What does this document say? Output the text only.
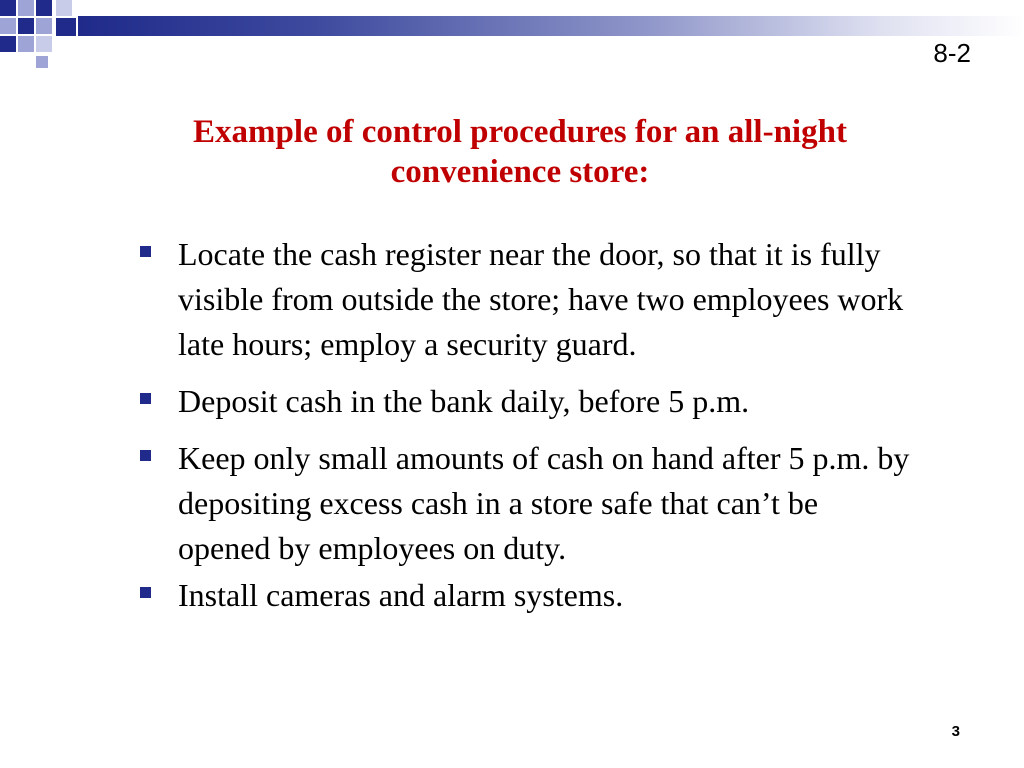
8-2
Example of control procedures for an all-night convenience store:
Locate the cash register near the door, so that it is fully visible from outside the store; have two employees work late hours; employ a security guard.
Deposit cash in the bank daily, before 5 p.m.
Keep only small amounts of cash on hand after 5 p.m. by depositing excess cash in a store safe that can’t be opened by employees on duty.
Install cameras and alarm systems.
3
